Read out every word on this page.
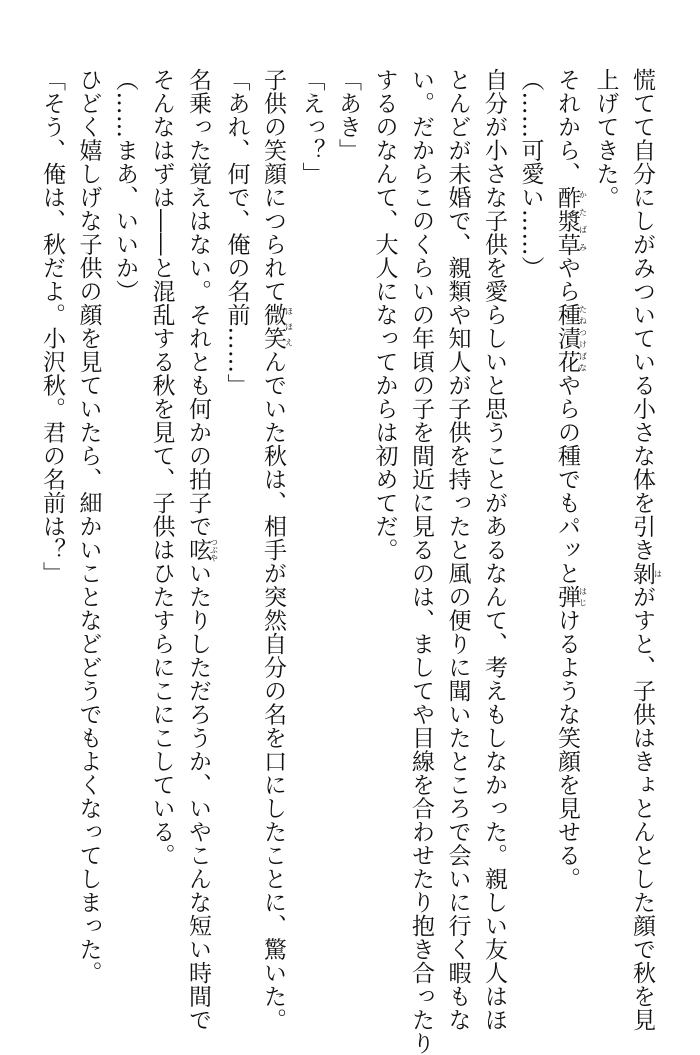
慌てて自分にしがみついている小さな体を引き剝はがすと、子供はきょとんとした顔で秋を見

上げてきた。

それから、酢漿草かたばみやら種漬花たねつけばなやらの種でもパッと弾はじけるような笑顔を見せる。

（……可愛い……）

自分が小さな子供を愛らしいと思うことがあるなんて、考えもしなかった。親しい友人はほ

とんどが未婚で、親類や知人が子供を持ったと風の便りに聞いたところで会いに行く暇もな

い。だからこのくらいの年頃の子を間近に見るのは、ましてや目線を合わせたり抱き合ったり

するのなんて、大人になってからは初めてだ。

「あき」

「えっ？」

子供の笑顔につられて微笑ほほえんでいた秋は、相手が突然自分の名を口にしたことに、驚いた。

「あれ、何で、俺の名前……」

名乗った覚えはない。それとも何かの拍子で呟つぶやいたりしただろうか、いやこんな短い時間で

そんなはずは――と混乱する秋を見て、子供はひたすらにこにこしている。

（……まあ、いいか）

ひどく嬉しげな子供の顔を見ていたら、細かいことなどどうでもよくなってしまった。

「そう、俺は、秋だよ。小沢秋。君の名前は？」
